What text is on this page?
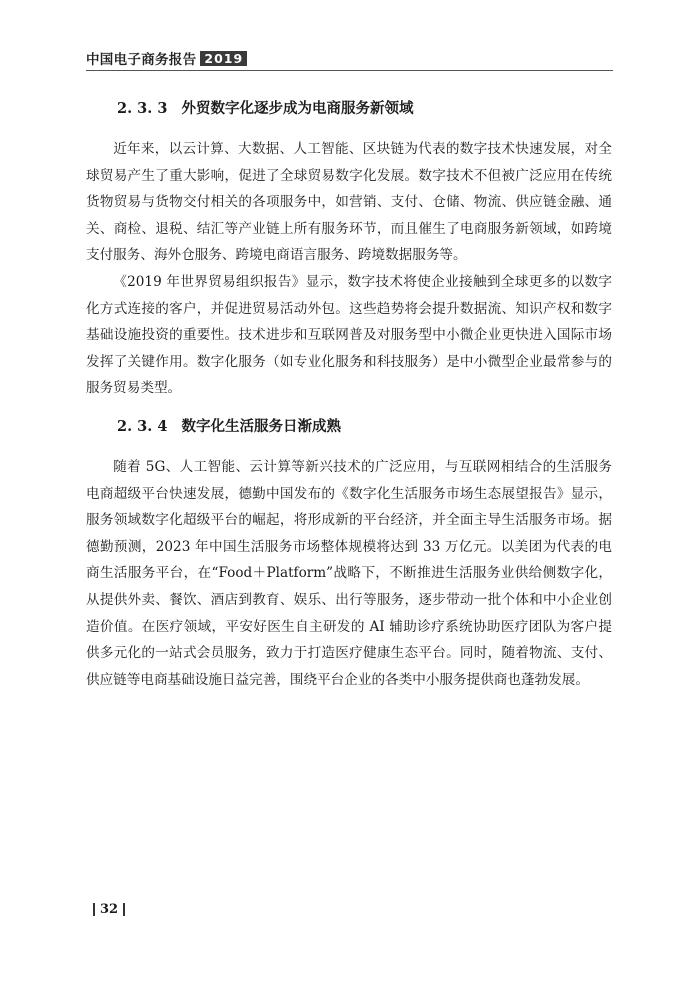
中国电子商务报告 2019
2. 3. 3 外贸数字化逐步成为电商服务新领域

近年来，以云计算、大数据、人工智能、区块链为代表的数字技术快速发展，对全球贸易产生了重大影响，促进了全球贸易数字化发展。数字技术不但被广泛应用在传统货物贸易与货物交付相关的各项服务中，如营销、支付、仓储、物流、供应链金融、通关、商检、退税、结汇等产业链上所有服务环节，而且催生了电商服务新领域，如跨境支付服务、海外仓服务、跨境电商语言服务、跨境数据服务等。

《2019 年世界贸易组织报告》显示，数字技术将使企业接触到全球更多的以数字化方式连接的客户，并促进贸易活动外包。这些趋势将会提升数据流、知识产权和数字基础设施投资的重要性。技术进步和互联网普及对服务型中小微企业更快进入国际市场发挥了关键作用。数字化服务（如专业化服务和科技服务）是中小微型企业最常参与的服务贸易类型。

2. 3. 4 数字化生活服务日渐成熟

随着 5G、人工智能、云计算等新兴技术的广泛应用，与互联网相结合的生活服务电商超级平台快速发展，德勤中国发布的《数字化生活服务市场生态展望报告》显示，服务领域数字化超级平台的崛起，将形成新的平台经济，并全面主导生活服务市场。据德勤预测，2023 年中国生活服务市场整体规模将达到 33 万亿元。以美团为代表的电商生活服务平台，在“Food＋Platform”战略下，不断推进生活服务业供给侧数字化，从提供外卖、餐饮、酒店到教育、娱乐、出行等服务，逐步带动一批个体和中小企业创造价值。在医疗领域，平安好医生自主研发的 AI 辅助诊疗系统协助医疗团队为客户提供多元化的一站式会员服务，致力于打造医疗健康生态平台。同时，随着物流、支付、供应链等电商基础设施日益完善，围绕平台企业的各类中小服务提供商也蓬勃发展。

32
